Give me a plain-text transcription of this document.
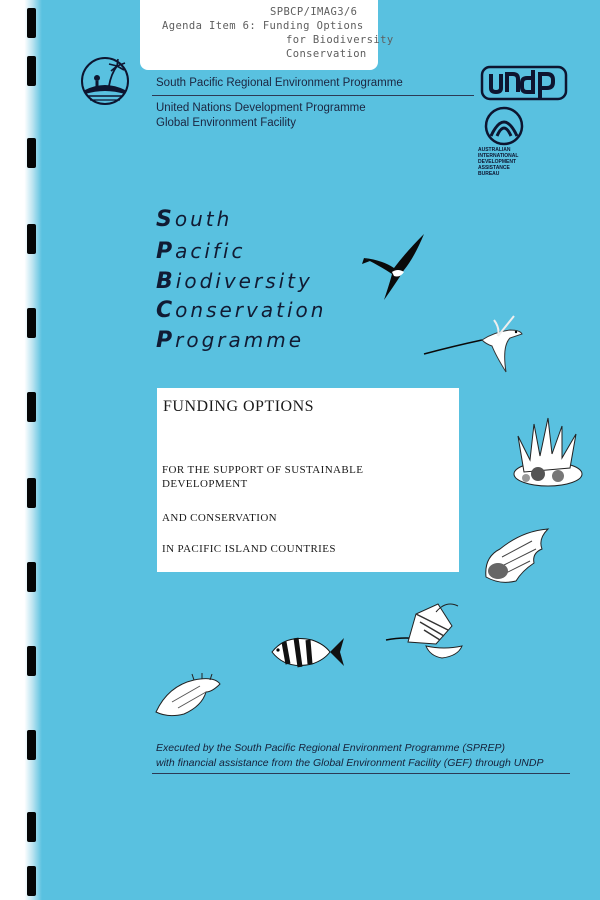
SPBCP/IMAG3/6
Agenda Item 6: Funding Options
for Biodiversity
Conservation
South Pacific Regional Environment Programme
United Nations Development Programme
Global Environment Facility
AUSTRALIAN
INTERNATIONAL
DEVELOPMENT
ASSISTANCE
BUREAU
South
Pacific
Biodiversity
Conservation
Programme
FUNDING OPTIONS
FOR THE SUPPORT OF SUSTAINABLE
DEVELOPMENT
AND CONSERVATION
IN PACIFIC ISLAND COUNTRIES
Executed by the South Pacific Regional Environment Programme (SPREP)
with financial assistance from the Global Environment Facility (GEF) through UNDP
